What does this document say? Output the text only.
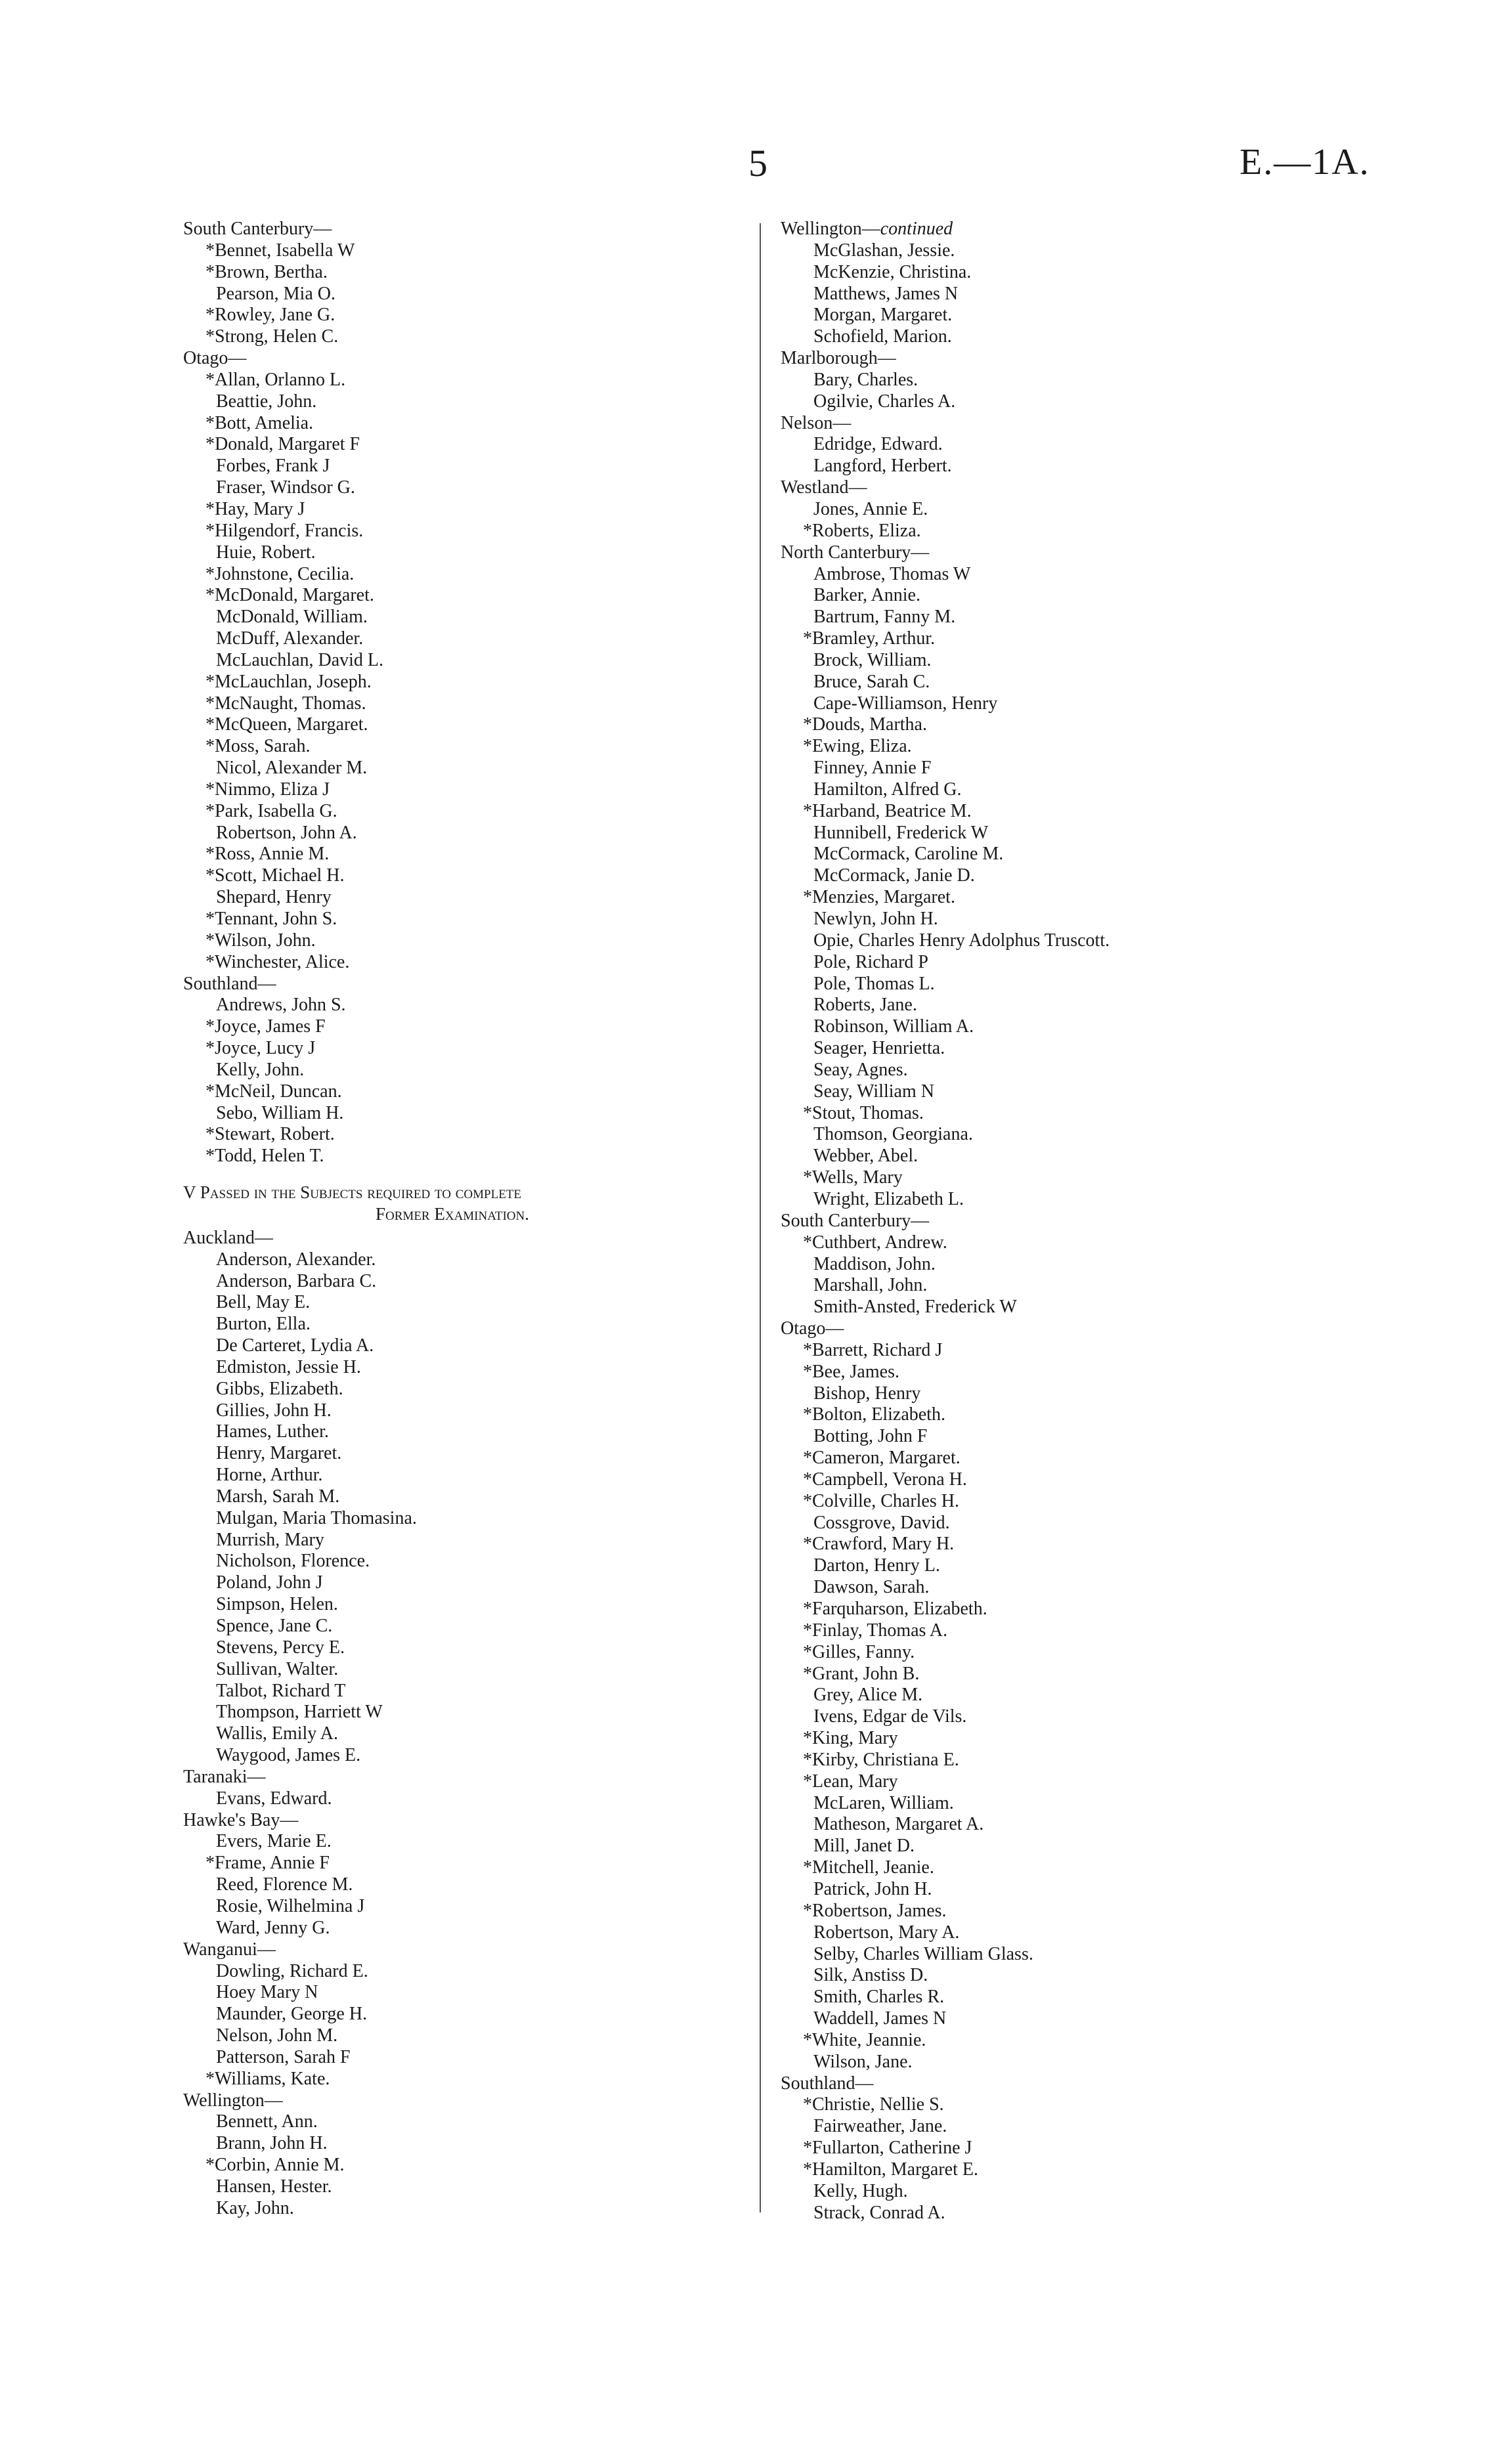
5	E.—1A.
South Canterbury—
*Bennet, Isabella W
*Brown, Bertha.
Pearson, Mia O.
*Rowley, Jane G.
*Strong, Helen C.
Otago—
*Allan, Orlanno L.
Beattie, John.
*Bott, Amelia.
*Donald, Margaret F
Forbes, Frank J
Fraser, Windsor G.
*Hay, Mary J
*Hilgendorf, Francis.
Huie, Robert.
*Johnstone, Cecilia.
*McDonald, Margaret.
McDonald, William.
McDuff, Alexander.
McLauchlan, David L.
*McLauchlan, Joseph.
*McNaught, Thomas.
*McQueen, Margaret.
*Moss, Sarah.
Nicol, Alexander M.
*Nimmo, Eliza J
*Park, Isabella G.
Robertson, John A.
*Ross, Annie M.
*Scott, Michael H.
Shepard, Henry
*Tennant, John S.
*Wilson, John.
*Winchester, Alice.
Southland—
Andrews, John S.
*Joyce, James F
*Joyce, Lucy J
Kelly, John.
*McNeil, Duncan.
Sebo, William H.
*Stewart, Robert.
*Todd, Helen T.
V Passed in the Subjects required to complete
Former Examination.
Auckland—
Anderson, Alexander.
Anderson, Barbara C.
Bell, May E.
Burton, Ella.
De Carteret, Lydia A.
Edmiston, Jessie H.
Gibbs, Elizabeth.
Gillies, John H.
Hames, Luther.
Henry, Margaret.
Horne, Arthur.
Marsh, Sarah M.
Mulgan, Maria Thomasina.
Murrish, Mary
Nicholson, Florence.
Poland, John J
Simpson, Helen.
Spence, Jane C.
Stevens, Percy E.
Sullivan, Walter.
Talbot, Richard T
Thompson, Harriett W
Wallis, Emily A.
Waygood, James E.
Taranaki—
Evans, Edward.
Hawke's Bay—
Evers, Marie E.
*Frame, Annie F
Reed, Florence M.
Rosie, Wilhelmina J
Ward, Jenny G.
Wanganui—
Dowling, Richard E.
Hoey Mary N
Maunder, George H.
Nelson, John M.
Patterson, Sarah F
*Williams, Kate.
Wellington—
Bennett, Ann.
Brann, John H.
*Corbin, Annie M.
Hansen, Hester.
Kay, John.
Wellington—continued
McGlashan, Jessie.
McKenzie, Christina.
Matthews, James N
Morgan, Margaret.
Schofield, Marion.
Marlborough—
Bary, Charles.
Ogilvie, Charles A.
Nelson—
Edridge, Edward.
Langford, Herbert.
Westland—
Jones, Annie E.
*Roberts, Eliza.
North Canterbury—
Ambrose, Thomas W
Barker, Annie.
Bartrum, Fanny M.
*Bramley, Arthur.
Brock, William.
Bruce, Sarah C.
Cape-Williamson, Henry
*Douds, Martha.
*Ewing, Eliza.
Finney, Annie F
Hamilton, Alfred G.
*Harband, Beatrice M.
Hunnibell, Frederick W
McCormack, Caroline M.
McCormack, Janie D.
*Menzies, Margaret.
Newlyn, John H.
Opie, Charles Henry Adolphus Truscott.
Pole, Richard P
Pole, Thomas L.
Roberts, Jane.
Robinson, William A.
Seager, Henrietta.
Seay, Agnes.
Seay, William N
*Stout, Thomas.
Thomson, Georgiana.
Webber, Abel.
*Wells, Mary
Wright, Elizabeth L.
South Canterbury—
*Cuthbert, Andrew.
Maddison, John.
Marshall, John.
Smith-Ansted, Frederick W
Otago—
*Barrett, Richard J
*Bee, James.
Bishop, Henry
*Bolton, Elizabeth.
Botting, John F
*Cameron, Margaret.
*Campbell, Verona H.
*Colville, Charles H.
Cossgrove, David.
*Crawford, Mary H.
Darton, Henry L.
Dawson, Sarah.
*Farquharson, Elizabeth.
*Finlay, Thomas A.
*Gilles, Fanny.
*Grant, John B.
Grey, Alice M.
Ivens, Edgar de Vils.
*King, Mary
*Kirby, Christiana E.
*Lean, Mary
McLaren, William.
Matheson, Margaret A.
Mill, Janet D.
*Mitchell, Jeanie.
Patrick, John H.
*Robertson, James.
Robertson, Mary A.
Selby, Charles William Glass.
Silk, Anstiss D.
Smith, Charles R.
Waddell, James N
*White, Jeannie.
Wilson, Jane.
Southland—
*Christie, Nellie S.
Fairweather, Jane.
*Fullarton, Catherine J
*Hamilton, Margaret E.
Kelly, Hugh.
Strack, Conrad A.
